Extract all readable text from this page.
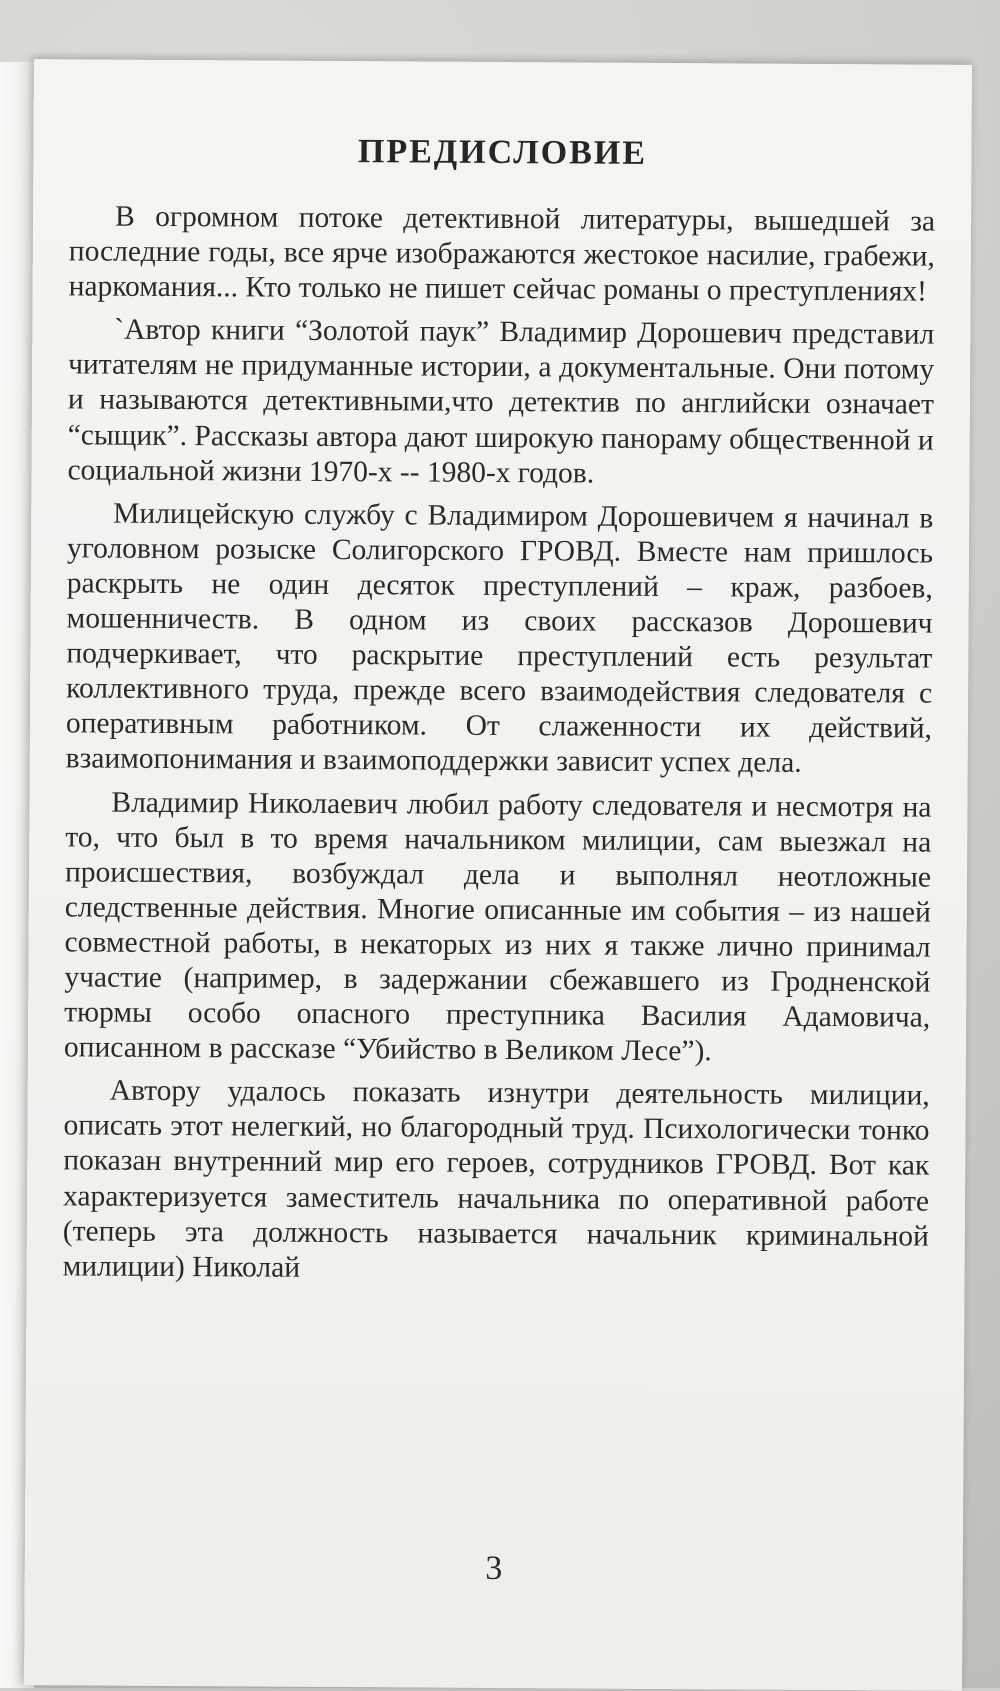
ПРЕДИСЛОВИЕ

В огромном потоке детективной литературы, вышедшей за последние годы, все ярче изображаются жестокое насилие, грабежи, наркомания... Кто только не пишет сейчас романы о преступлениях!

`Автор книги “Золотой паук” Владимир Дорошевич представил читателям не придуманные истории, а документальные. Они потому и называются детективными,что детектив по английски означает “сыщик”. Рассказы автора дают широкую панораму общественной и социальной жизни 1970-х -- 1980-х годов.

Милицейскую службу с Владимиром Дорошевичем я начинал в уголовном розыске Солигорского ГРОВД. Вместе нам пришлось раскрыть не один десяток преступлений – краж, разбоев, мошенничеств. В одном из своих рассказов Дорошевич подчеркивает, что раскрытие преступлений есть результат коллективного труда, прежде всего взаимодействия следователя с оперативным работником. От слаженности их действий, взаимопонимания и взаимоподдержки зависит успех дела.

Владимир Николаевич любил работу следователя и несмотря на то, что был в то время начальником милиции, сам выезжал на происшествия, возбуждал дела и выполнял неотложные следственные действия. Многие описанные им события – из нашей совместной работы, в некаторых из них я также лично принимал участие (например, в задержании сбежавшего из Гродненской тюрмы особо опасного преступника Василия Адамовича, описанном в рассказе “Убийство в Великом Лесе”).

Автору удалось показать изнутри деятельность милиции, описать этот нелегкий, но благородный труд. Психологически тонко показан внутренний мир его героев, сотрудников ГРОВД. Вот как характеризуется заместитель начальника по оперативной работе (теперь эта должность называется начальник криминальной милиции) Николай

3
